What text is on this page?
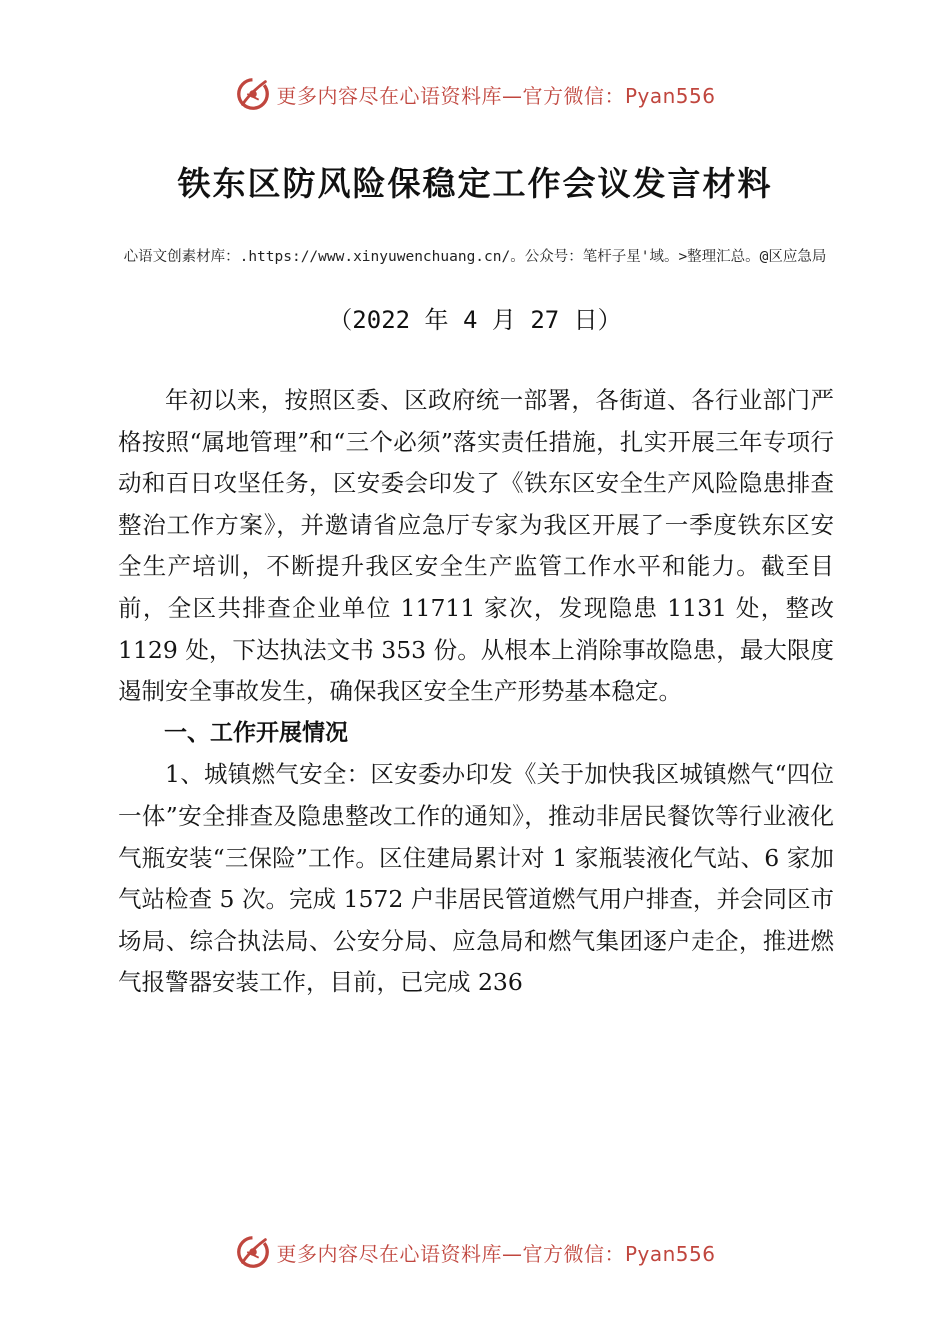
更多内容尽在心语资料库—官方微信：Pyan556
铁东区防风险保稳定工作会议发言材料
心语文创素材库：.https://www.xinyuwenchuang.cn/。公众号：笔杆子星'域。>整理汇总。@区应急局
（2022 年 4 月 27 日）

年初以来，按照区委、区政府统一部署，各街道、各行业部门严格按照“属地管理”和“三个必须”落实责任措施，扎实开展三年专项行动和百日攻坚任务，区安委会印发了《铁东区安全生产风险隐患排查整治工作方案》，并邀请省应急厅专家为我区开展了一季度铁东区安全生产培训，不断提升我区安全生产监管工作水平和能力。截至目前，全区共排查企业单位 11711 家次，发现隐患 1131 处，整改 1129 处，下达执法文书 353 份。从根本上消除事故隐患，最大限度遏制安全事故发生，确保我区安全生产形势基本稳定。

一、工作开展情况

1、城镇燃气安全：区安委办印发《关于加快我区城镇燃气“四位一体”安全排查及隐患整改工作的通知》，推动非居民餐饮等行业液化气瓶安装“三保险”工作。区住建局累计对 1 家瓶装液化气站、6 家加气站检查 5 次。完成 1572 户非居民管道燃气用户排查，并会同区市场局、综合执法局、公安分局、应急局和燃气集团逐户走企，推进燃气报警器安装工作，目前，已完成 236

更多内容尽在心语资料库—官方微信：Pyan556
